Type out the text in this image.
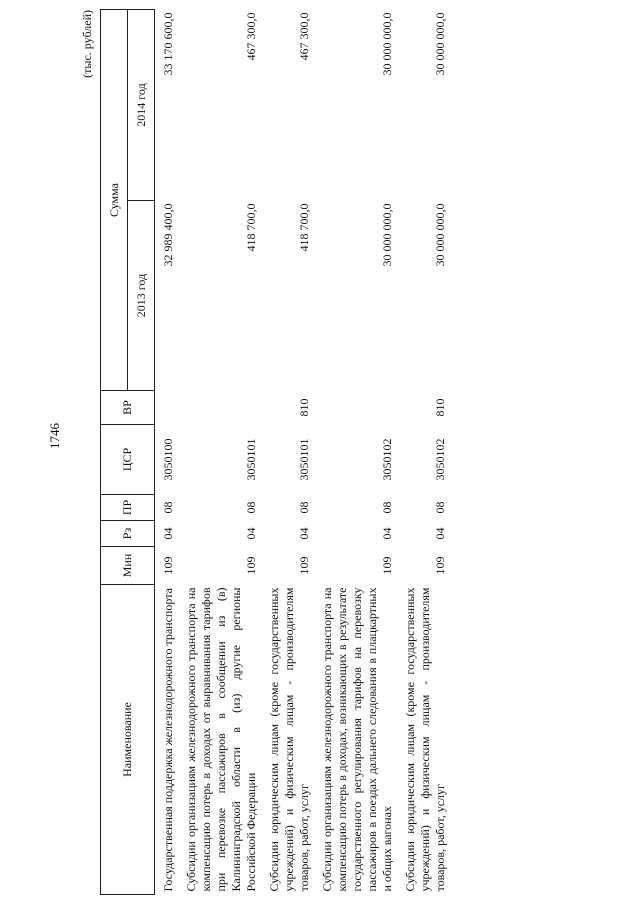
1746
(тыс. рублей)
Наименование	Мин	Рз	ПР	ЦСР	ВР	Сумма	
						2013 год	2014 год
Государственная поддержка железнодорожного транспорта	109	04	08	3050100		32 989 400,0	33 170 600,0
Субсидии организациям железнодорожного транспорта на компенсацию потерь в доходах от выравнивания тарифов при перевозке пассажиров в сообщении из (в) Калининградской области в (из) другие регионы Российской Федерации	109	04	08	3050101		418 700,0	467 300,0
Субсидии юридическим лицам (кроме государственных учреждений) и физическим лицам - производителям товаров, работ, услуг	109	04	08	3050101	810	418 700,0	467 300,0
Субсидии организациям железнодорожного транспорта на компенсацию потерь в доходах, возникающих в результате государственного регулирования тарифов на перевозку пассажиров в поездах дальнего следования в плацкартных и общих вагонах	109	04	08	3050102		30 000 000,0	30 000 000,0
Субсидии юридическим лицам (кроме государственных учреждений) и физическим лицам - производителям товаров, работ, услуг	109	04	08	3050102	810	30 000 000,0	30 000 000,0
